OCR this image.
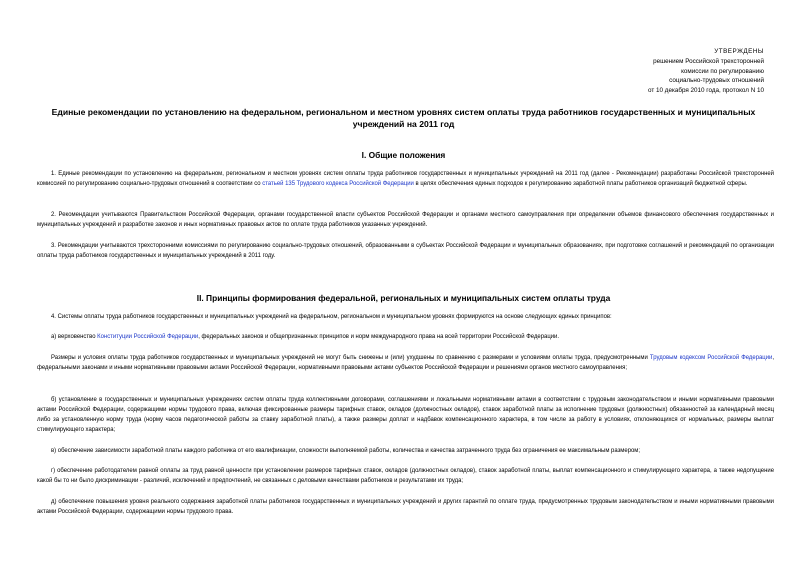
УТВЕРЖДЕНЫ
решением Российской трехсторонней
комиссии по регулированию
социально-трудовых отношений
от 10 декабря 2010 года, протокол N 10
Единые рекомендации по установлению на федеральном, региональном и местном уровнях систем оплаты труда работников государственных и муниципальных учреждений на 2011 год
I. Общие положения

1. Единые рекомендации по установлению на федеральном, региональном и местном уровнях систем оплаты труда работников государственных и муниципальных учреждений на 2011 год (далее - Рекомендации) разработаны Российской трехсторонней комиссией по регулированию социально-трудовых отношений в соответствии со статьей 135 Трудового кодекса Российской Федерации в целях обеспечения единых подходов к регулированию заработной платы работников организаций бюджетной сферы.

2. Рекомендации учитываются Правительством Российской Федерации, органами государственной власти субъектов Российской Федерации и органами местного самоуправления при определении объемов финансового обеспечения государственных и муниципальных учреждений и разработке законов и иных нормативных правовых актов по оплате труда работников указанных учреждений.

3. Рекомендации учитываются трехсторонними комиссиями по регулированию социально-трудовых отношений, образованными в субъектах Российской Федерации и муниципальных образованиях, при подготовке соглашений и рекомендаций по организации оплаты труда работников государственных и муниципальных учреждений в 2011 году.

II. Принципы формирования федеральной, региональных и муниципальных систем оплаты труда

4. Системы оплаты труда работников государственных и муниципальных учреждений на федеральном, региональном и муниципальном уровнях формируются на основе следующих единых принципов:

а) верховенство Конституции Российской Федерации, федеральных законов и общепризнанных принципов и норм международного права на всей территории Российской Федерации.

Размеры и условия оплаты труда работников государственных и муниципальных учреждений не могут быть снижены и (или) ухудшены по сравнению с размерами и условиями оплаты труда, предусмотренными Трудовым кодексом Российской Федерации, федеральными законами и иными нормативными правовыми актами Российской Федерации, нормативными правовыми актами субъектов Российской Федерации и решениями органов местного самоуправления;

б) установление в государственных и муниципальных учреждениях систем оплаты труда коллективными договорами, соглашениями и локальными нормативными актами в соответствии с трудовым законодательством и иными нормативными правовыми актами Российской Федерации, содержащими нормы трудового права, включая фиксированные размеры тарифных ставок, окладов (должностных окладов), ставок заработной платы за исполнение трудовых (должностных) обязанностей за календарный месяц либо за установленную норму труда (норму часов педагогической работы за ставку заработной платы), а также размеры доплат и надбавок компенсационного характера, в том числе за работу в условиях, отклоняющихся от нормальных, размеры выплат стимулирующего характера;

в) обеспечение зависимости заработной платы каждого работника от его квалификации, сложности выполняемой работы, количества и качества затраченного труда без ограничения ее максимальным размером;

г) обеспечение работодателем равной оплаты за труд равной ценности при установлении размеров тарифных ставок, окладов (должностных окладов), ставок заработной платы, выплат компенсационного и стимулирующего характера, а также недопущение какой бы то ни было дискриминации - различий, исключений и предпочтений, не связанных с деловыми качествами работников и результатами их труда;

д) обеспечение повышения уровня реального содержания заработной платы работников государственных и муниципальных учреждений и других гарантий по оплате труда, предусмотренных трудовым законодательством и иными нормативными правовыми актами Российской Федерации, содержащими нормы трудового права.
